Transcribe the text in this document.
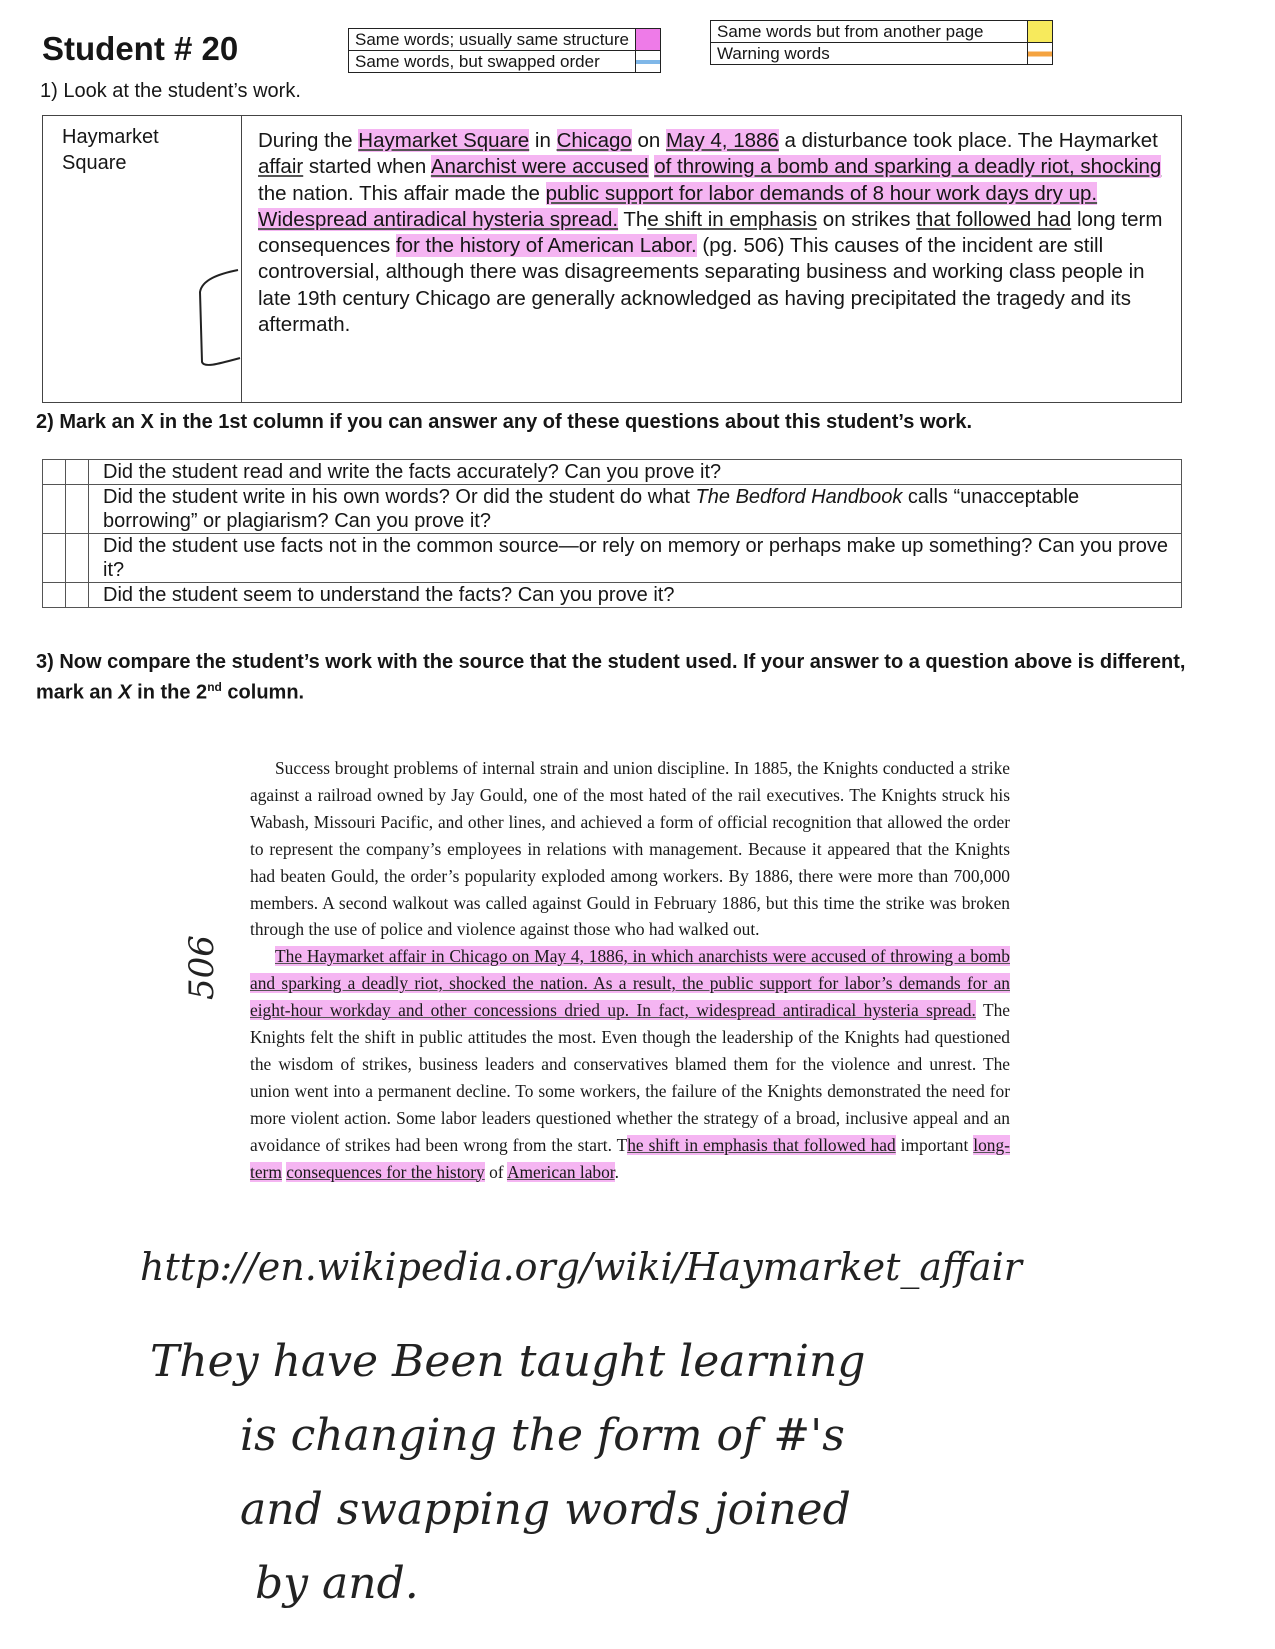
Student # 20	Same words; usually same structure	
Same words, but swapped order	
Same words but from another page	
Warning words	
1) Look at the student’s work.
Haymarket Square
During the Haymarket Square in Chicago on May 4, 1886 a disturbance took place. The Haymarket affair started when Anarchist were accused of throwing a bomb and sparking a deadly riot, shocking the nation. This affair made the public support for labor demands of 8 hour work days dry up. Widespread antiradical hysteria spread. The shift in emphasis on strikes that followed had long term consequences for the history of American Labor. (pg. 506) This causes of the incident are still controversial, although there was disagreements separating business and working class people in late 19th century Chicago are generally acknowledged as having precipitated the tragedy and its aftermath.
2) Mark an X in the 1st column if you can answer any of these questions about this student’s work.
		Did the student read and write the facts accurately? Can you prove it?
		Did the student write in his own words? Or did the student do what The Bedford Handbook calls “unacceptable borrowing” or plagiarism? Can you prove it?
		Did the student use facts not in the common source—or rely on memory or perhaps make up something? Can you prove it?
		Did the student seem to understand the facts? Can you prove it?
3) Now compare the student’s work with the source that the student used. If your answer to a question above is different, mark an X in the 2nd column.

Success brought problems of internal strain and union discipline. In 1885, the Knights conducted a strike against a railroad owned by Jay Gould, one of the most hated of the rail executives. The Knights struck his Wabash, Missouri Pacific, and other lines, and achieved a form of official recognition that allowed the order to represent the company’s employees in relations with management. Because it appeared that the Knights had beaten Gould, the order’s popularity exploded among workers. By 1886, there were more than 700,000 members. A second walkout was called against Gould in February 1886, but this time the strike was broken through the use of police and violence against those who had walked out.

The Haymarket affair in Chicago on May 4, 1886, in which anarchists were accused of throwing a bomb and sparking a deadly riot, shocked the nation. As a result, the public support for labor’s demands for an eight-hour workday and other concessions dried up. In fact, widespread antiradical hysteria spread. The Knights felt the shift in public attitudes the most. Even though the leadership of the Knights had questioned the wisdom of strikes, business leaders and conservatives blamed them for the violence and unrest. The union went into a permanent decline. To some workers, the failure of the Knights demonstrated the need for more violent action. Some labor leaders questioned whether the strategy of a broad, inclusive appeal and an avoidance of strikes had been wrong from the start. The shift in emphasis that followed had important long-term consequences for the history of American labor.

506
http://en.wikipedia.org/wiki/Haymarket_affair
They have Been taught learning
is changing the form of #'s
and swapping words joined
by and.
